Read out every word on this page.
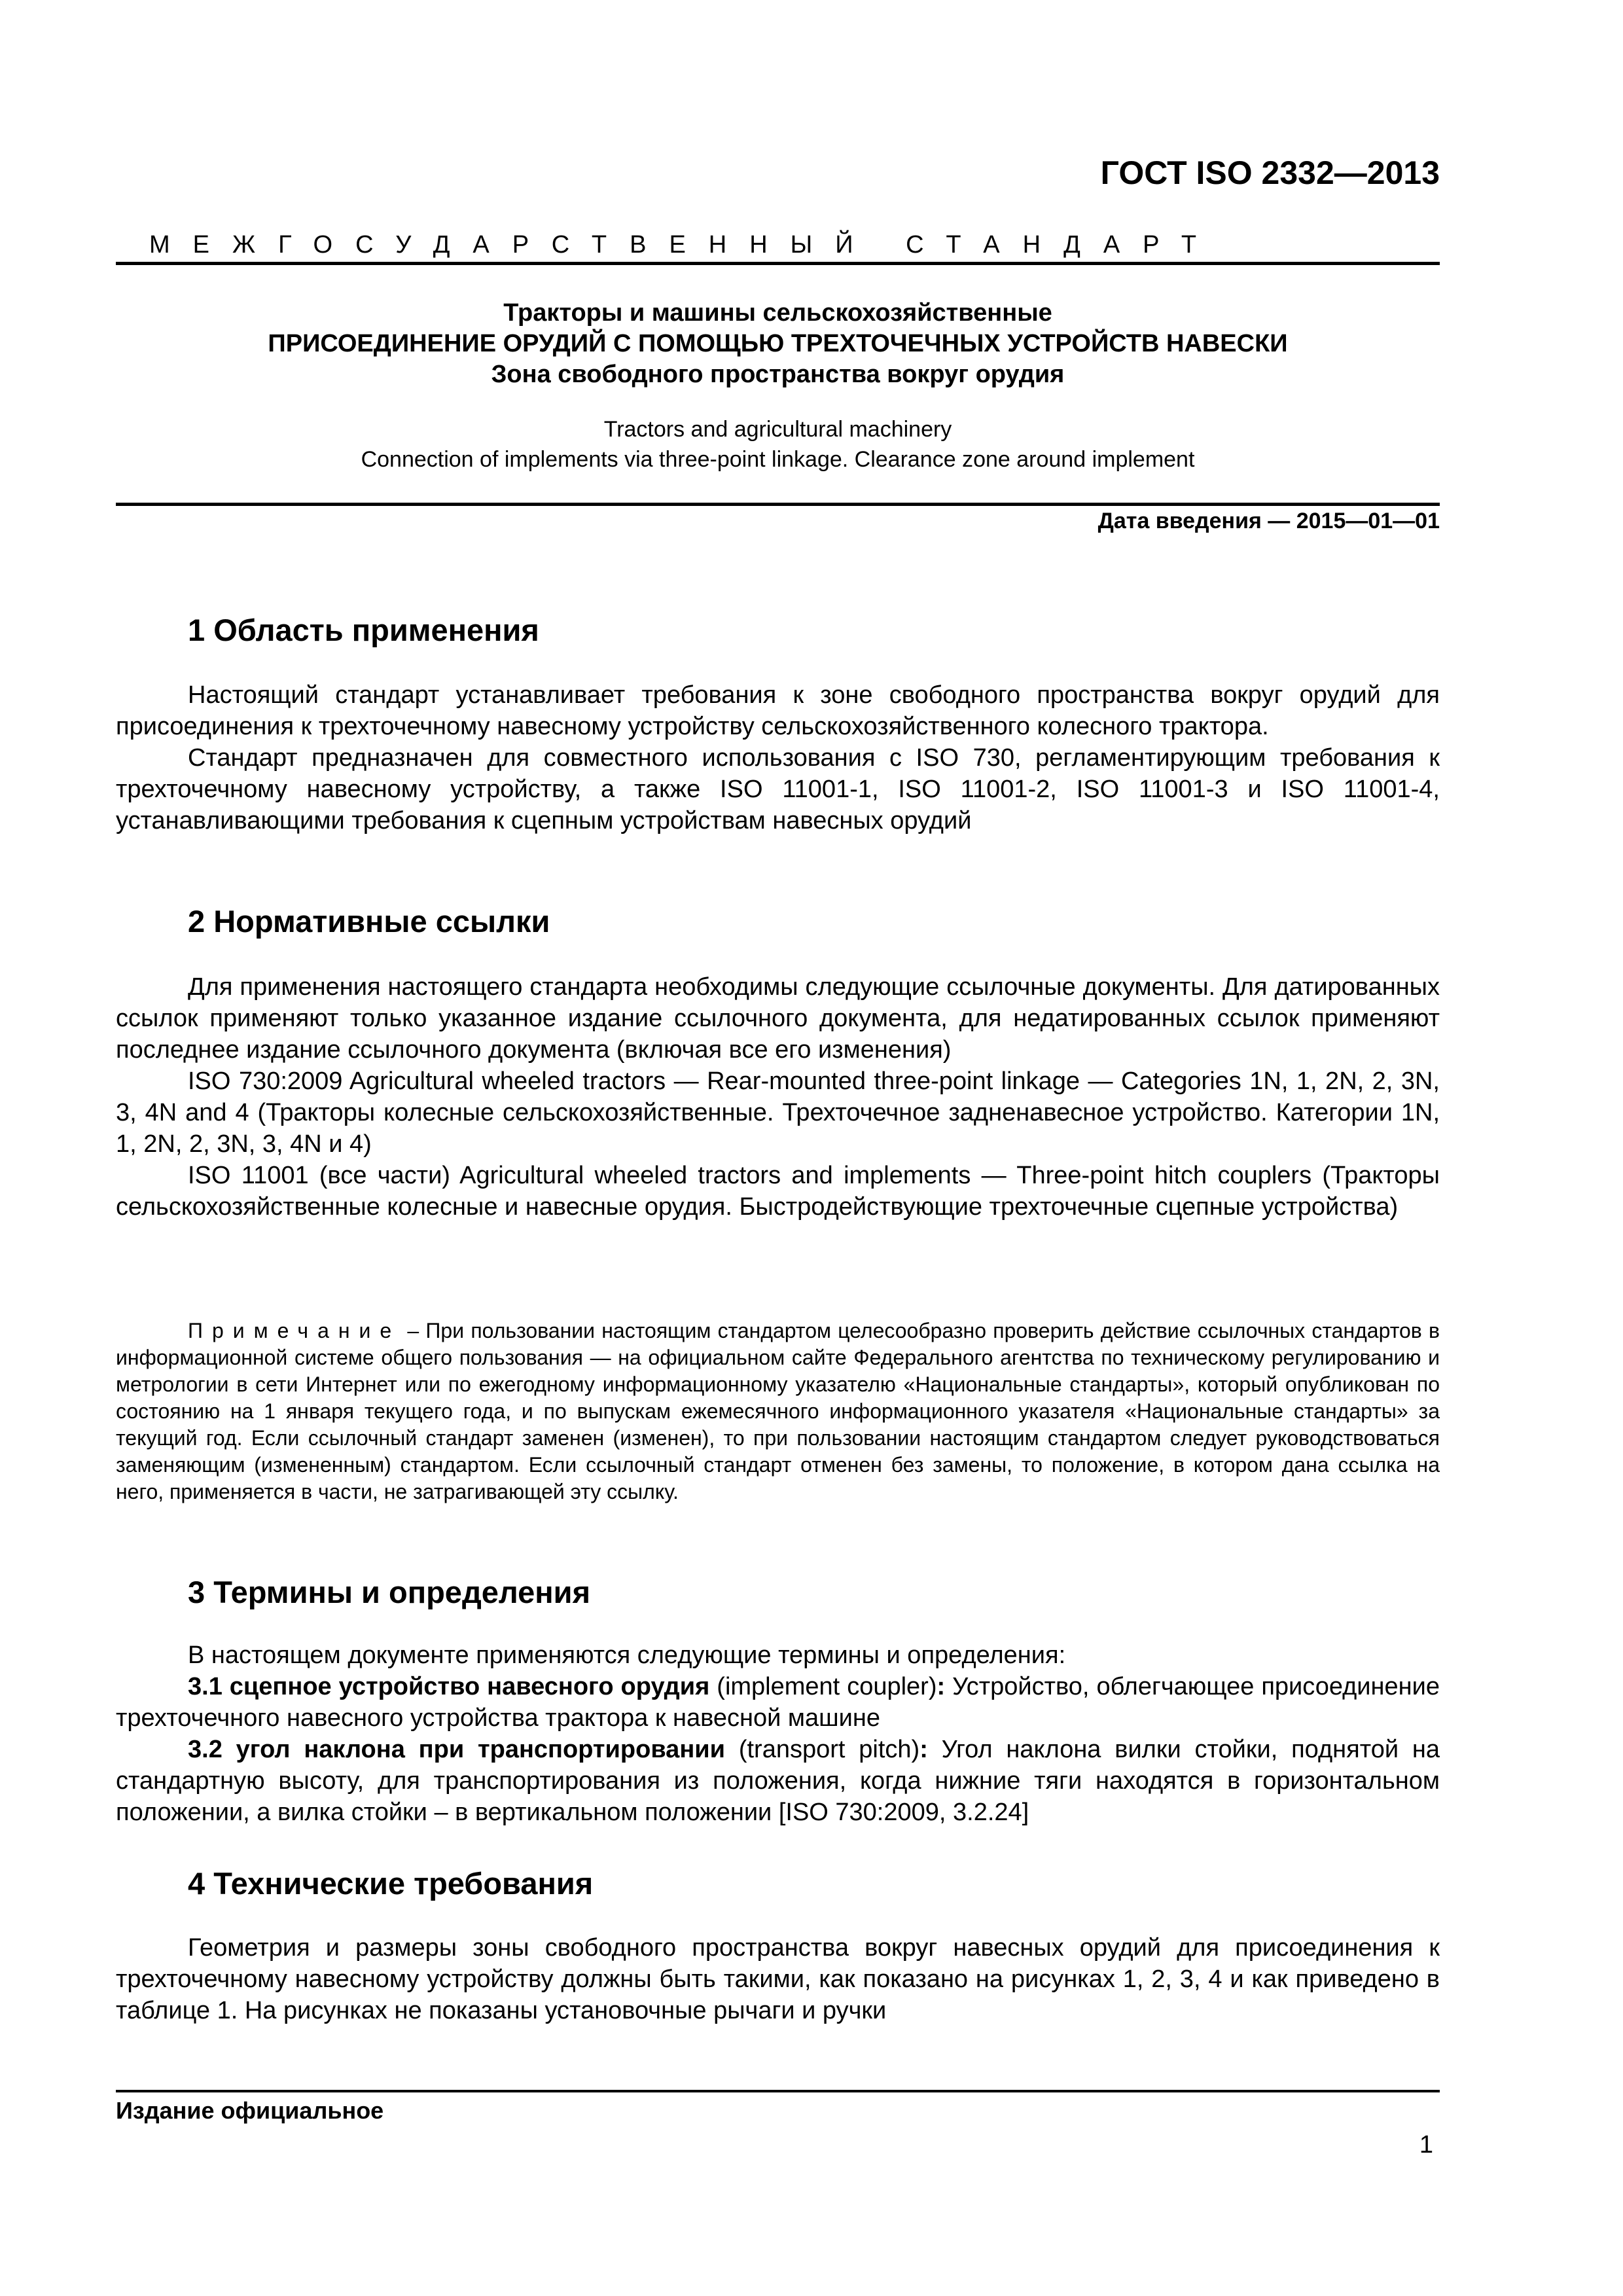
ГОСТ ISO 2332—2013
МЕЖГОСУДАРСТВЕННЫЙ СТАНДАРТ
Тракторы и машины сельскохозяйственные
ПРИСОЕДИНЕНИЕ ОРУДИЙ С ПОМОЩЬЮ ТРЕХТОЧЕЧНЫХ УСТРОЙСТВ НАВЕСКИ
Зона свободного пространства вокруг орудия
Tractors and agricultural machinery
Connection of implements via three-point linkage. Clearance zone around implement
Дата введения — 2015—01—01
1 Область применения

Настоящий стандарт устанавливает требования к зоне свободного пространства вокруг орудий для присоединения к трехточечному навесному устройству сельскохозяйственного колесного трактора.

Стандарт предназначен для совместного использования с ISO 730, регламентирующим требования к трехточечному навесному устройству, а также ISO 11001-1, ISO 11001-2, ISO 11001-3 и ISO 11001-4, устанавливающими требования к сцепным устройствам навесных орудий

2 Нормативные ссылки

Для применения настоящего стандарта необходимы следующие ссылочные документы. Для датированных ссылок применяют только указанное издание ссылочного документа, для недатированных ссылок применяют последнее издание ссылочного документа (включая все его изменения)

ISO 730:2009 Agricultural wheeled tractors — Rear-mounted three-point linkage — Categories 1N, 1, 2N, 2, 3N, 3, 4N and 4 (Тракторы колесные сельскохозяйственные. Трехточечное задненавесное устройство. Категории 1N, 1, 2N, 2, 3N, 3, 4N и 4)

ISO 11001 (все части) Agricultural wheeled tractors and implements — Three-point hitch couplers (Тракторы сельскохозяйственные колесные и навесные орудия. Быстродействующие трехточечные сцепные устройства)

Примечание – При пользовании настоящим стандартом целесообразно проверить действие ссылочных стандартов в информационной системе общего пользования — на официальном сайте Федерального агентства по техническому регулированию и метрологии в сети Интернет или по ежегодному информационному указателю «Национальные стандарты», который опубликован по состоянию на 1 января текущего года, и по выпускам ежемесячного информационного указателя «Национальные стандарты» за текущий год. Если ссылочный стандарт заменен (изменен), то при пользовании настоящим стандартом следует руководствоваться заменяющим (измененным) стандартом. Если ссылочный стандарт отменен без замены, то положение, в котором дана ссылка на него, применяется в части, не затрагивающей эту ссылку.
3 Термины и определения

В настоящем документе применяются следующие термины и определения:

3.1 сцепное устройство навесного орудия (implement coupler): Устройство, облегчающее присоединение трехточечного навесного устройства трактора к навесной машине

3.2 угол наклона при транспортировании (transport pitch): Угол наклона вилки стойки, поднятой на стандартную высоту, для транспортирования из положения, когда нижние тяги находятся в горизонтальном положении, а вилка стойки – в вертикальном положении [ISO 730:2009, 3.2.24]

4 Технические требования

Геометрия и размеры зоны свободного пространства вокруг навесных орудий для присоединения к трехточечному навесному устройству должны быть такими, как показано на рисунках 1, 2, 3, 4 и как приведено в таблице 1. На рисунках не показаны установочные рычаги и ручки

Издание официальное
1
